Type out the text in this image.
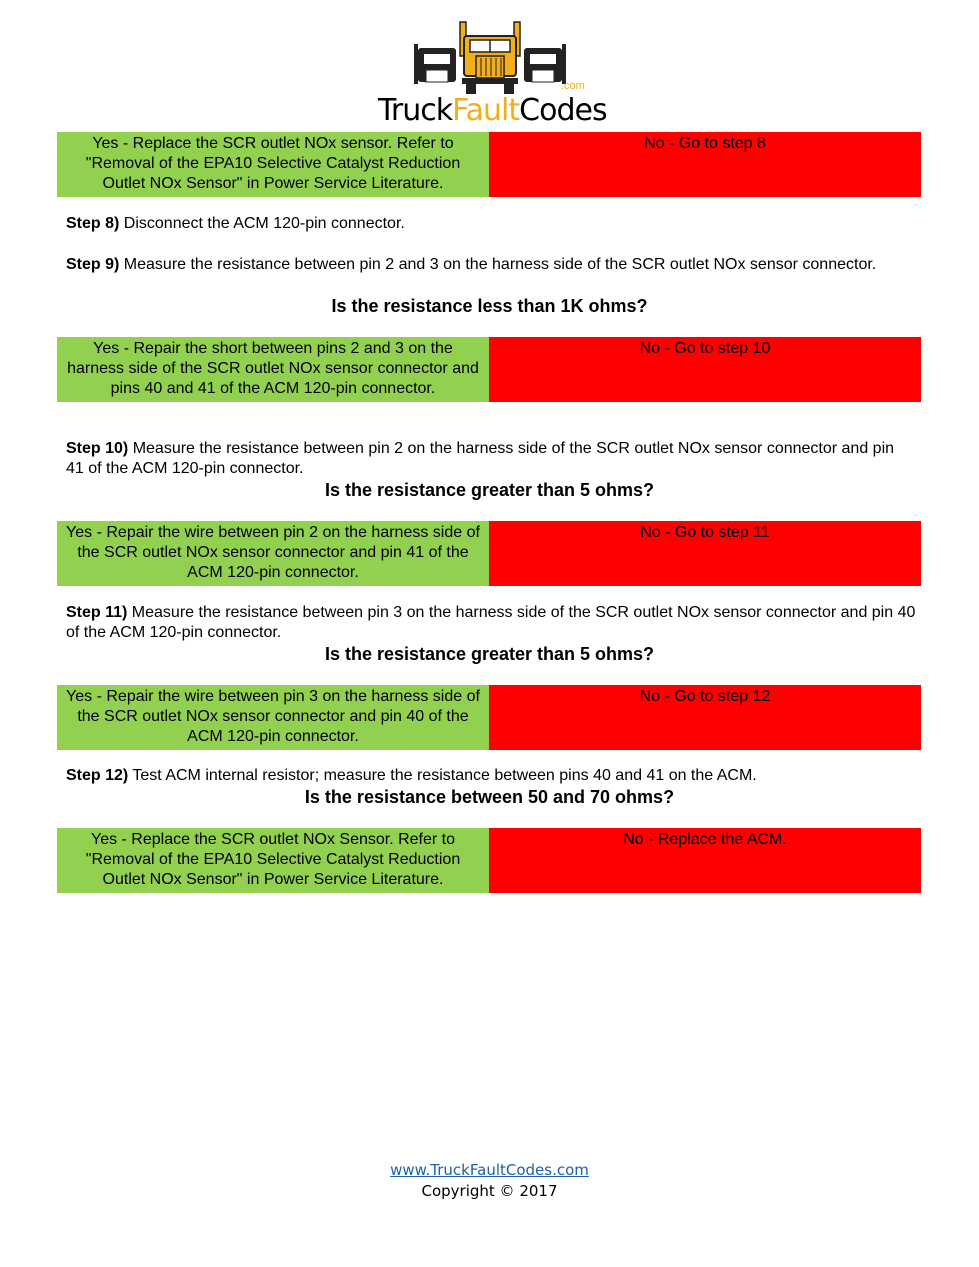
.com
TruckFaultCodes
Yes - Replace the SCR outlet NOx sensor. Refer to "Removal of the EPA10 Selective Catalyst Reduction Outlet NOx Sensor" in Power Service Literature.
No - Go to step 8
Step 8) Disconnect the ACM 120-pin connector.
Step 9) Measure the resistance between pin 2 and 3 on the harness side of the SCR outlet NOx sensor connector.
Is the resistance less than 1K ohms?
Yes - Repair the short between pins 2 and 3 on the harness side of the SCR outlet NOx sensor connector and pins 40 and 41 of the ACM 120-pin connector.
No - Go to step 10
Step 10) Measure the resistance between pin 2 on the harness side of the SCR outlet NOx sensor connector and pin 41 of the ACM 120-pin connector.
Is the resistance greater than 5 ohms?
Yes - Repair the wire between pin 2 on the harness side of the SCR outlet NOx sensor connector and pin 41 of the ACM 120-pin connector.
No - Go to step 11
Step 11) Measure the resistance between pin 3 on the harness side of the SCR outlet NOx sensor connector and pin 40 of the ACM 120-pin connector.
Is the resistance greater than 5 ohms?
Yes - Repair the wire between pin 3 on the harness side of the SCR outlet NOx sensor connector and pin 40 of the ACM 120-pin connector.
No - Go to step 12
Step 12) Test ACM internal resistor; measure the resistance between pins 40 and 41 on the ACM.
Is the resistance between 50 and 70 ohms?
Yes - Replace the SCR outlet NOx Sensor. Refer to "Removal of the EPA10 Selective Catalyst Reduction Outlet NOx Sensor" in Power Service Literature.
No - Replace the ACM.
www.TruckFaultCodes.com
Copyright © 2017
